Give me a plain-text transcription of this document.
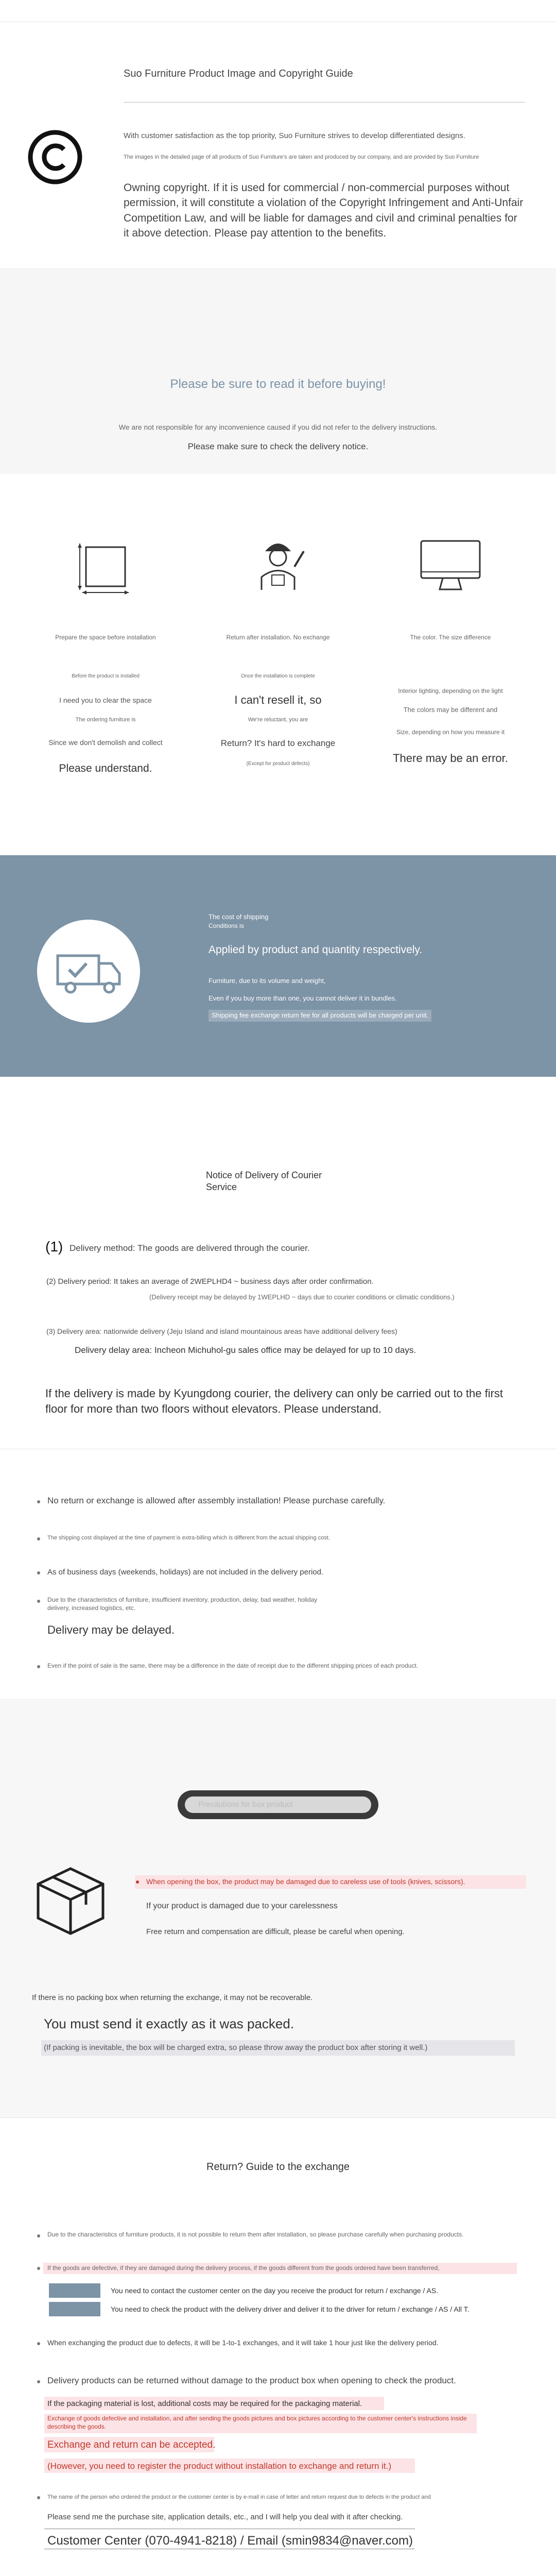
Suo Furniture Product Image and Copyright Guide

With customer satisfaction as the top priority, Suo Furniture strives to develop differentiated designs.

The images in the detailed page of all products of Suo Furniture's are taken and produced by our company, and are provided by Suo Furniture

Owning copyright. If it is used for commercial / non-commercial purposes without permission, it will constitute a violation of the Copyright Infringement and Anti-Unfair Competition Law, and will be liable for damages and civil and criminal penalties for it above detection. Please pay attention to the benefits.

Please be sure to read it before buying!

We are not responsible for any inconvenience caused if you did not refer to the delivery instructions.

Please make sure to check the delivery notice.

Prepare the space before installation

Before the product is installed

I need you to clear the space

The ordering furniture is

Since we don't demolish and collect

Please understand.

Return after installation. No exchange

Once the installation is complete

I can't resell it, so

We're reluctant, you are

Return? It's hard to exchange

(Except for product defects)

The color. The size difference

Interior lighting, depending on the light

The colors may be different and

Size, depending on how you measure it

There may be an error.

The cost of shipping

Conditions is

Applied by product and quantity respectively.

Furniture, due to its volume and weight,

Even if you buy more than one, you cannot deliver it in bundles.

Shipping fee exchange return fee for all products will be charged per unit.

Notice of Delivery of Courier Service

(1) Delivery method: The goods are delivered through the courier.

(2) Delivery period: It takes an average of 2WEPLHD4 ~ business days after order confirmation.

(Delivery receipt may be delayed by 1WEPLHD ~ days due to courier conditions or climatic conditions.)

(3) Delivery area: nationwide delivery (Jeju Island and island mountainous areas have additional delivery fees)

Delivery delay area: Incheon Michuhol-gu sales office may be delayed for up to 10 days.

If the delivery is made by Kyungdong courier, the delivery can only be carried out to the first floor for more than two floors without elevators. Please understand.

No return or exchange is allowed after assembly installation! Please purchase carefully.

The shipping cost displayed at the time of payment is extra-billing which is different from the actual shipping cost.

As of business days (weekends, holidays) are not included in the delivery period.

Due to the characteristics of furniture, insufficient inventory, production, delay, bad weather, holiday delivery, increased logistics, etc.

Delivery may be delayed.

Even if the point of sale is the same, there may be a difference in the date of receipt due to the different shipping prices of each product.

Precautions for box product

When opening the box, the product may be damaged due to careless use of tools (knives, scissors).

If your product is damaged due to your carelessness

Free return and compensation are difficult, please be careful when opening.

If there is no packing box when returning the exchange, it may not be recoverable.

You must send it exactly as it was packed.

(If packing is inevitable, the box will be charged extra, so please throw away the product box after storing it well.)

Return? Guide to the exchange

Due to the characteristics of furniture products, it is not possible to return them after installation, so please purchase carefully when purchasing products.

If the goods are defective, if they are damaged during the delivery process, if the goods different from the goods ordered have been transferred,

You need to contact the customer center on the day you receive the product for return / exchange / AS.

You need to check the product with the delivery driver and deliver it to the driver for return / exchange / AS / All T.

When exchanging the product due to defects, it will be 1-to-1 exchanges, and it will take 1 hour just like the delivery period.

Delivery products can be returned without damage to the product box when opening to check the product.

If the packaging material is lost, additional costs may be required for the packaging material.

Exchange of goods defective and installation, and after sending the goods pictures and box pictures according to the customer center's instructions inside describing the goods.

Exchange and return can be accepted.

(However, you need to register the product without installation to exchange and return it.)

The name of the person who ordered the product or the customer center is by e-mail in case of letter and return request due to defects in the product and

Please send me the purchase site, application details, etc., and I will help you deal with it after checking.

Customer Center (070-4941-8218) / Email (smin9834@naver.com)
